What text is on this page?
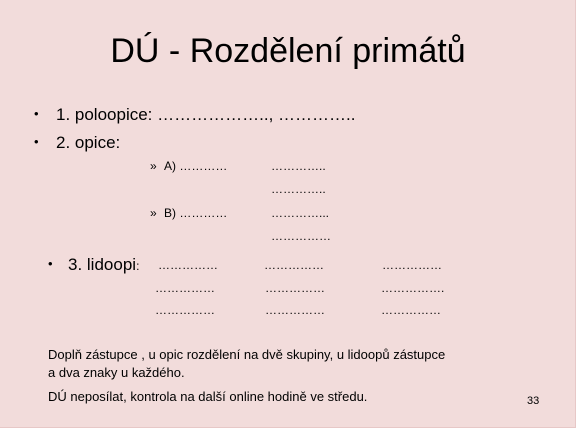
DÚ - Rozdělení primátů
• 1. poloopice: ……………….., …………..
• 2. opice:
» A) …………	…………..
…………..
» B) …………	…………...
……………
• 3. lidoopi: ……………	……………	……………
……………	……………	…………….
……………	……………	……………
Doplň zástupce , u opic rozdělení na dvě skupiny, u lidoopů zástupce
a dva znaky u každého.
DÚ neposílat, kontrola na další online hodině ve středu.	33
